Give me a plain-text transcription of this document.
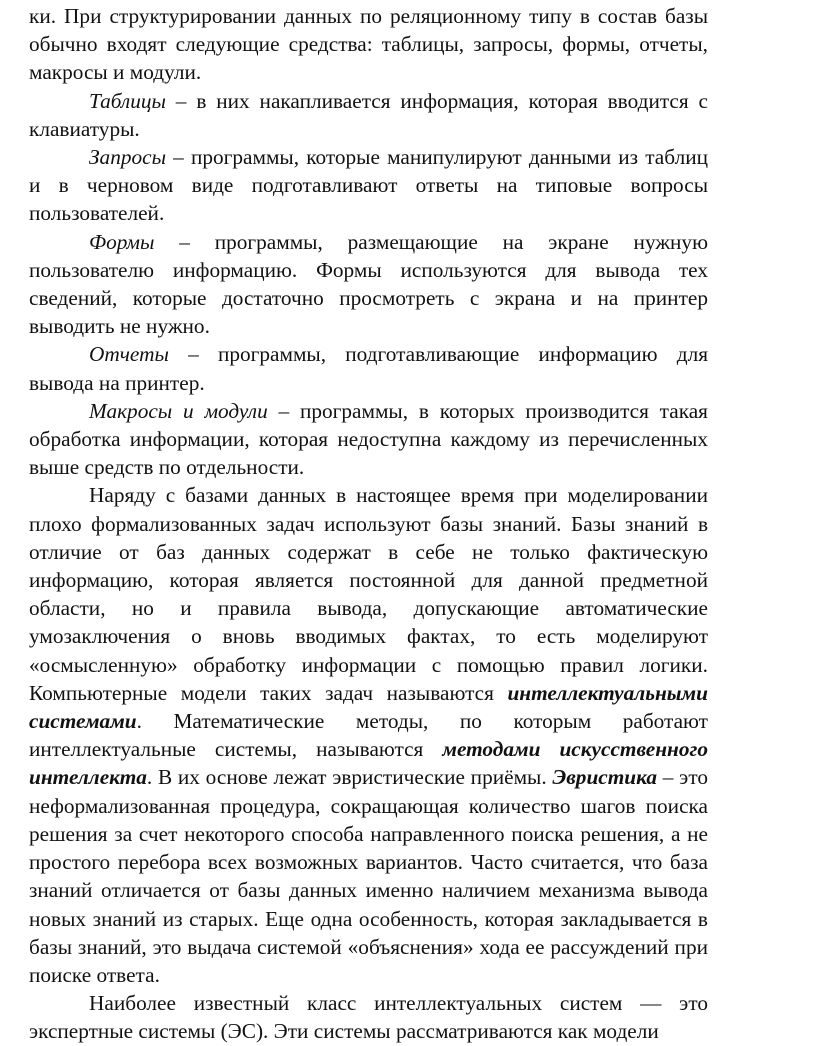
ки. При структурировании данных по реляционному типу в состав базы обычно входят следующие средства: таблицы, запросы, формы, отчеты, макросы и модули.

Таблицы – в них накапливается информация, которая вводится с клавиатуры.

Запросы – программы, которые манипулируют данными из таблиц и в черновом виде подготавливают ответы на типовые вопросы пользователей.

Формы – программы, размещающие на экране нужную пользователю информацию. Формы используются для вывода тех сведений, которые достаточно просмотреть с экрана и на принтер выводить не нужно.

Отчеты – программы, подготавливающие информацию для вывода на принтер.

Макросы и модули – программы, в которых производится такая обработка информации, которая недоступна каждому из перечисленных выше средств по отдельности.

Наряду с базами данных в настоящее время при моделировании плохо формализованных задач используют базы знаний. Базы знаний в отличие от баз данных содержат в себе не только фактическую информацию, которая является постоянной для данной предметной области, но и правила вывода, допускающие автоматические умозаключения о вновь вводимых фактах, то есть моделируют «осмысленную» обработку информации с помощью правил логики. Компьютерные модели таких задач называются интеллектуальными системами. Математические методы, по которым работают интеллектуальные системы, называются методами искусственного интеллекта. В их основе лежат эвристические приёмы. Эвристика – это неформализованная процедура, сокращающая количество шагов поиска решения за счет некоторого способа направленного поиска решения, а не простого перебора всех возможных вариантов. Часто считается, что база знаний отличается от базы данных именно наличием механизма вывода новых знаний из старых. Еще одна особенность, которая закладывается в базы знаний, это выдача системой «объяснения» хода ее рассуждений при поиске ответа.

Наиболее известный класс интеллектуальных систем — это экспертные системы (ЭС). Эти системы рассматриваются как модели
